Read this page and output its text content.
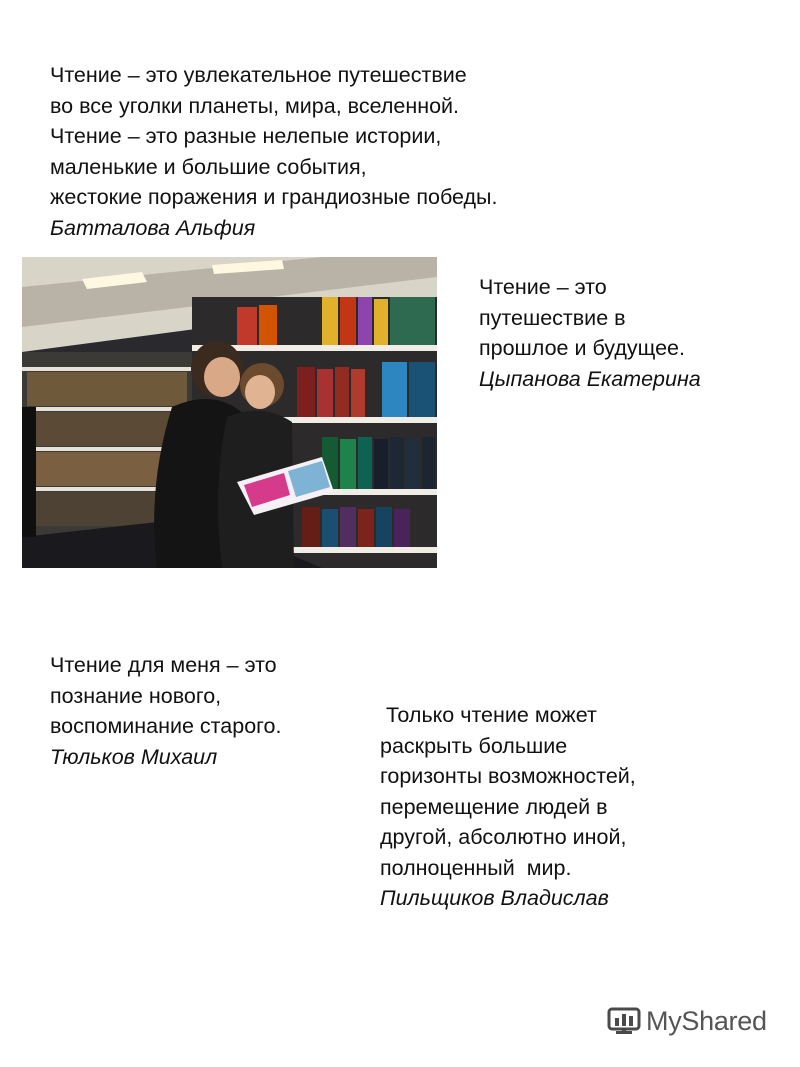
Чтение – это увлекательное путешествие
во все уголки планеты, мира, вселенной.
Чтение – это разные нелепые истории,
маленькие и большие события,
жестокие поражения и грандиозные победы.
Батталова Альфия
Чтение – это
путешествие в
прошлое и будущее.
Цыпанова Екатерина
Чтение для меня – это
познание нового,
воспоминание старого.
Тюльков Михаил
Только чтение может
раскрыть большие
горизонты возможностей,
перемещение людей в
другой, абсолютно иной,
полноценный  мир.
Пильщиков Владислав
MyShared
